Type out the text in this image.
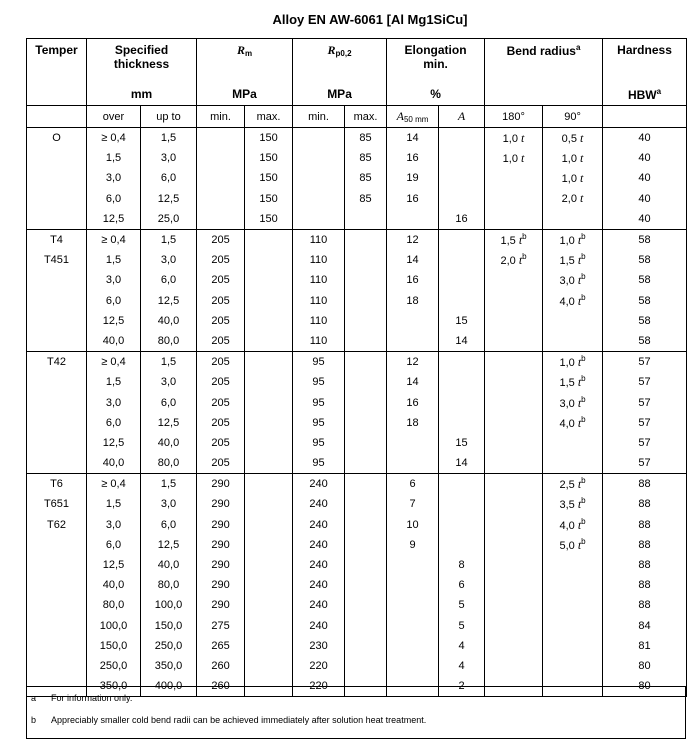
Alloy EN AW-6061 [Al Mg1SiCu]
Temper	Specified thickness		$R_m$		$R_{p0,2}$		Elongation min.		Bend radius$^a$		Hardness
	mm		MPa		MPa		%				HBW$^a$
	over	up to	min.	max.	min.	max.	$A_{50 mm}$	A	180°	90°	
O	≥ 0,4	1,5		150		85	14		1,0 t	0,5 t	40
	1,5	3,0		150		85	16		1,0 t	1,0 t	40
	3,0	6,0		150		85	19			1,0 t	40
	6,0	12,5		150		85	16			2,0 t	40
	12,5	25,0		150				16			40
T4	≥ 0,4	1,5	205		110		12		1,5 $t^b$	1,0 $t^b$	58
T451	1,5	3,0	205		110		14		2,0 $t^b$	1,5 $t^b$	58
	3,0	6,0	205		110		16			3,0 $t^b$	58
	6,0	12,5	205		110		18			4,0 $t^b$	58
	12,5	40,0	205		110			15			58
	40,0	80,0	205		110			14			58
T42	≥ 0,4	1,5	205		95		12			1,0 $t^b$	57
	1,5	3,0	205		95		14			1,5 $t^b$	57
	3,0	6,0	205		95		16			3,0 $t^b$	57
	6,0	12,5	205		95		18			4,0 $t^b$	57
	12,5	40,0	205		95			15			57
	40,0	80,0	205		95			14			57
T6	≥ 0,4	1,5	290		240		6			2,5 $t^b$	88
T651	1,5	3,0	290		240		7			3,5 $t^b$	88
T62	3,0	6,0	290		240		10			4,0 $t^b$	88
	6,0	12,5	290		240		9			5,0 $t^b$	88
	12,5	40,0	290		240			8			88
	40,0	80,0	290		240			6			88
	80,0	100,0	290		240			5			88
	100,0	150,0	275		240			5			84
	150,0	250,0	265		230			4			81
	250,0	350,0	260		220			4			80
	350,0	400,0	260		220			2			80
a For information only.
b Appreciably smaller cold bend radii can be achieved immediately after solution heat treatment.
